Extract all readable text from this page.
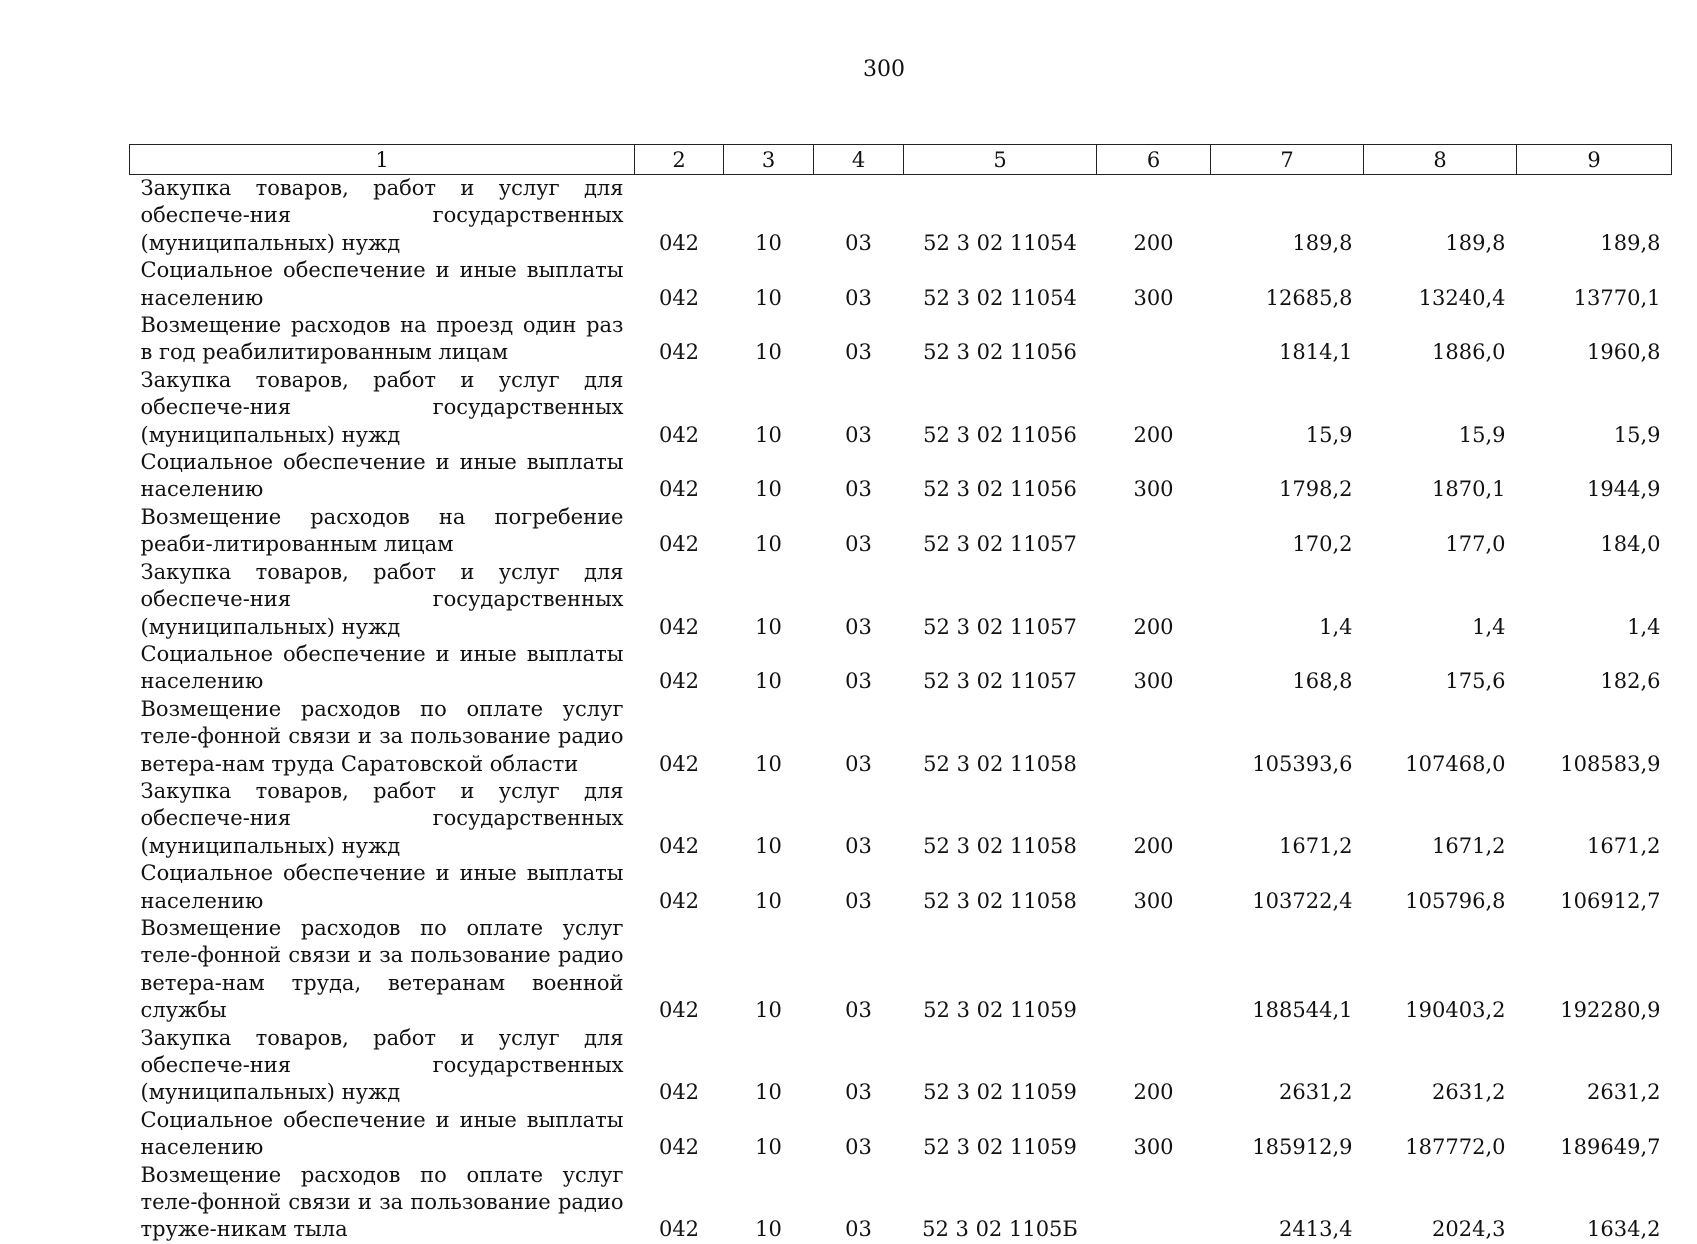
300
1	2	3	4	5	6	7	8	9
Закупка товаров, работ и услуг для обеспече-ния государственных (муниципальных) нужд	042	10	03	52 3 02 11054	200	189,8	189,8	189,8
Социальное обеспечение и иные выплаты населению	042	10	03	52 3 02 11054	300	12685,8	13240,4	13770,1
Возмещение расходов на проезд один раз в год реабилитированным лицам	042	10	03	52 3 02 11056		1814,1	1886,0	1960,8
Закупка товаров, работ и услуг для обеспече-ния государственных (муниципальных) нужд	042	10	03	52 3 02 11056	200	15,9	15,9	15,9
Социальное обеспечение и иные выплаты населению	042	10	03	52 3 02 11056	300	1798,2	1870,1	1944,9
Возмещение расходов на погребение реаби-литированным лицам	042	10	03	52 3 02 11057		170,2	177,0	184,0
Закупка товаров, работ и услуг для обеспече-ния государственных (муниципальных) нужд	042	10	03	52 3 02 11057	200	1,4	1,4	1,4
Социальное обеспечение и иные выплаты населению	042	10	03	52 3 02 11057	300	168,8	175,6	182,6
Возмещение расходов по оплате услуг теле-фонной связи и за пользование радио ветера-нам труда Саратовской области	042	10	03	52 3 02 11058		105393,6	107468,0	108583,9
Закупка товаров, работ и услуг для обеспече-ния государственных (муниципальных) нужд	042	10	03	52 3 02 11058	200	1671,2	1671,2	1671,2
Социальное обеспечение и иные выплаты населению	042	10	03	52 3 02 11058	300	103722,4	105796,8	106912,7
Возмещение расходов по оплате услуг теле-фонной связи и за пользование радио ветера-нам труда, ветеранам военной службы	042	10	03	52 3 02 11059		188544,1	190403,2	192280,9
Закупка товаров, работ и услуг для обеспече-ния государственных (муниципальных) нужд	042	10	03	52 3 02 11059	200	2631,2	2631,2	2631,2
Социальное обеспечение и иные выплаты населению	042	10	03	52 3 02 11059	300	185912,9	187772,0	189649,7
Возмещение расходов по оплате услуг теле-фонной связи и за пользование радио труже-никам тыла	042	10	03	52 3 02 1105Б		2413,4	2024,3	1634,2
